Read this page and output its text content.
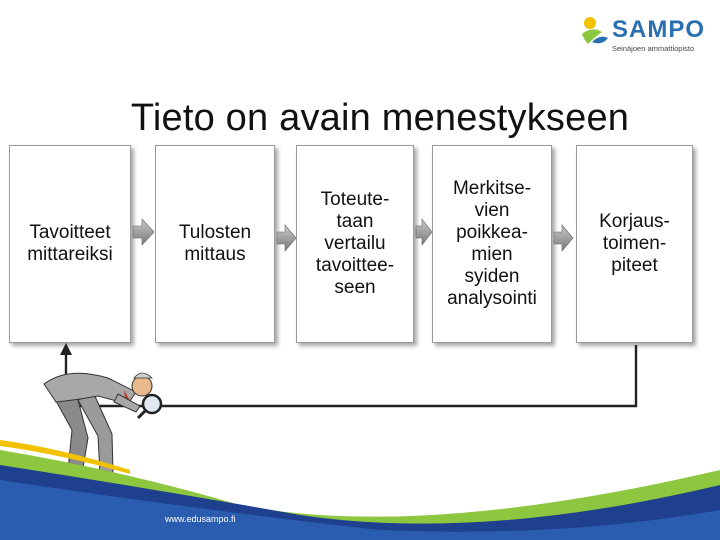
SAMPO
Seinäjoen ammattiopisto
Tieto on avain menestykseen
Tavoitteet
mittareiksi
Tulosten
mittaus
Toteute-
taan
vertailu
tavoittee-
seen
Merkitse-
vien
poikkea-
mien
syiden
analysointi
Korjaus-
toimen-
piteet
www.edusampo.fi
